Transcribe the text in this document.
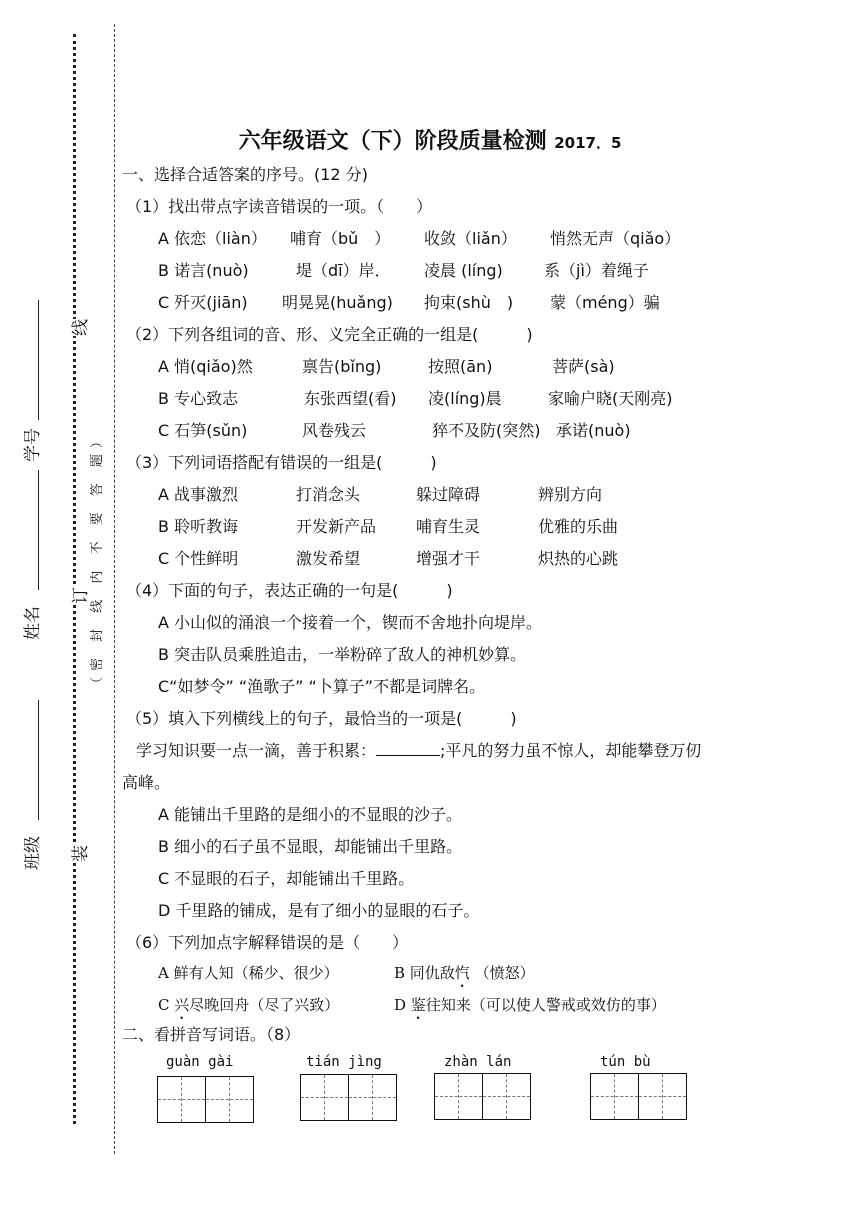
班级
姓名
学号
装
订
线
（密 封 线 内 不 要 答 题）
六年级语文（下）阶段质量检测 2017．5
一、选择合适答案的序号。(12 分)
（1）找出带点字读音错误的一项。（　　）
A 依恋（liàn） 哺育（bǔ　） 收敛（liǎn） 悄然无声（qiǎo）
B 诺言(nuò)	堤（dī）岸． 凌晨 (líng)	系（jì）着绳子
C 歼灭(jiān) 明晃晃(huǎng) 拘束(shù　) 蒙（méng）骗
（2）下列各组词的音、形、义完全正确的一组是(　　　)
A 悄(qiǎo)然	禀告(bǐng)	按照(ān)	菩萨(sà)
B 专心致志	东张西望(看) 凌(líng)晨	家喻户晓(天刚亮)
C 石笋(sǔn)	风卷残云	猝不及防(突然) 承诺(nuò)
（3）下列词语搭配有错误的一组是(　　　)
A 战事激烈	打消念头	躲过障碍	辨别方向
B 聆听教诲	开发新产品 哺育生灵	优雅的乐曲
C 个性鲜明	激发希望	增强才干	炽热的心跳
（4）下面的句子，表达正确的一句是(　　　)
A 小山似的涌浪一个接着一个，锲而不舍地扑向堤岸。
B 突击队员乘胜追击，一举粉碎了敌人的神机妙算。
C“如梦令” “渔歌子” “卜算子”不都是词牌名。
（5）填入下列横线上的句子，最恰当的一项是(　　　)
学习知识要一点一滴，善于积累：	;平凡的努力虽不惊人，却能攀登万仞
高峰。
A 能铺出千里路的是细小的不显眼的沙子。
B 细小的石子虽不显眼，却能铺出千里路。
C 不显眼的石子，却能铺出千里路。
D 千里路的铺成，是有了细小的显眼的石子。
（6）下列加点字解释错误的是（　　）
A 鲜有人知（稀少、很少）	B 同仇敌忾 （愤怒）
C 兴尽晚回舟（尽了兴致）	D 鉴往知来（可以使人警戒或效仿的事）
二、看拼音写词语。（8）
guàn gài	tián jìng	zhàn lán	tún bù
